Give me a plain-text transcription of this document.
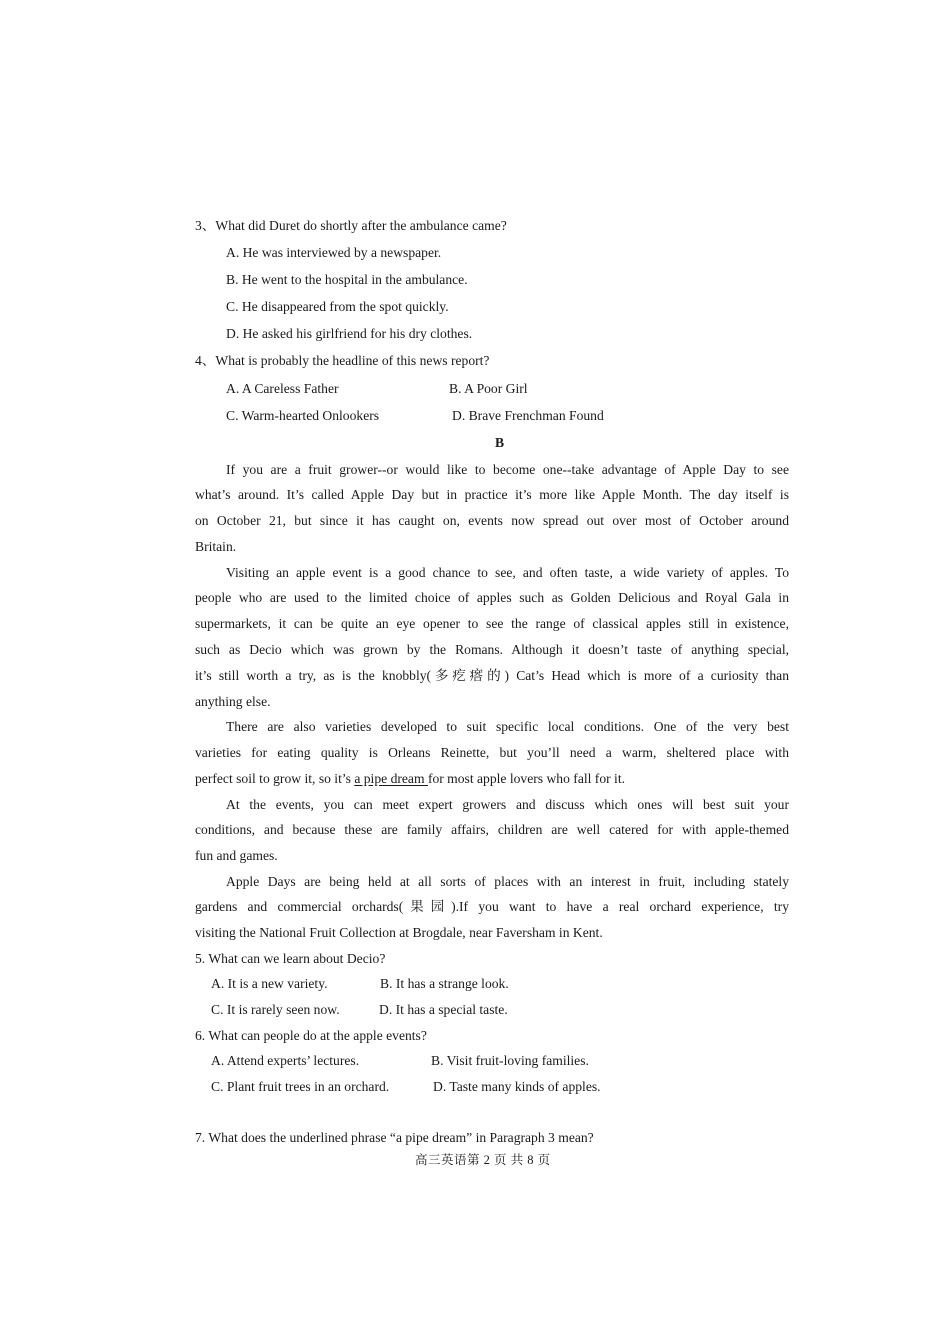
3、What did Duret do shortly after the ambulance came?
A. He was interviewed by a newspaper.
B. He went to the hospital in the ambulance.
C. He disappeared from the spot quickly.
D. He asked his girlfriend for his dry clothes.
4、What is probably the headline of this news report?
A. A Careless Father	B. A Poor Girl
C. Warm-hearted Onlookers	D. Brave Frenchman Found
B
If you are a fruit grower--or would like to become one--take advantage of Apple Day to see
what’s around. It’s called Apple Day but in practice it’s more like Apple Month. The day itself is
on October 21, but since it has caught on, events now spread out over most of October around
Britain.
Visiting an apple event is a good chance to see, and often taste, a wide variety of apples. To
people who are used to the limited choice of apples such as Golden Delicious and Royal Gala in
supermarkets, it can be quite an eye opener to see the range of classical apples still in existence,
such as Decio which was grown by the Romans. Although it doesn’t taste of anything special,
it’s still worth a try, as is the knobbly(多疙瘩的) Cat’s Head which is more of a curiosity than
anything else.
There are also varieties developed to suit specific local conditions. One of the very best
varieties for eating quality is Orleans Reinette, but you’ll need a warm, sheltered place with
perfect soil to grow it, so it’s a pipe dream for most apple lovers who fall for it.
At the events, you can meet expert growers and discuss which ones will best suit your
conditions, and because these are family affairs, children are well catered for with apple-themed
fun and games.
Apple Days are being held at all sorts of places with an interest in fruit, including stately
gardens and commercial orchards(果园).If you want to have a real orchard experience, try
visiting the National Fruit Collection at Brogdale, near Faversham in Kent.
5. What can we learn about Decio?
A. It is a new variety.	B. It has a strange look.
C. It is rarely seen now.	D. It has a special taste.
6. What can people do at the apple events?
A. Attend experts’ lectures.	B. Visit fruit-loving families.
C. Plant fruit trees in an orchard.	D. Taste many kinds of apples.
7. What does the underlined phrase “a pipe dream” in Paragraph 3 mean?
高三英语第 2 页 共 8 页
